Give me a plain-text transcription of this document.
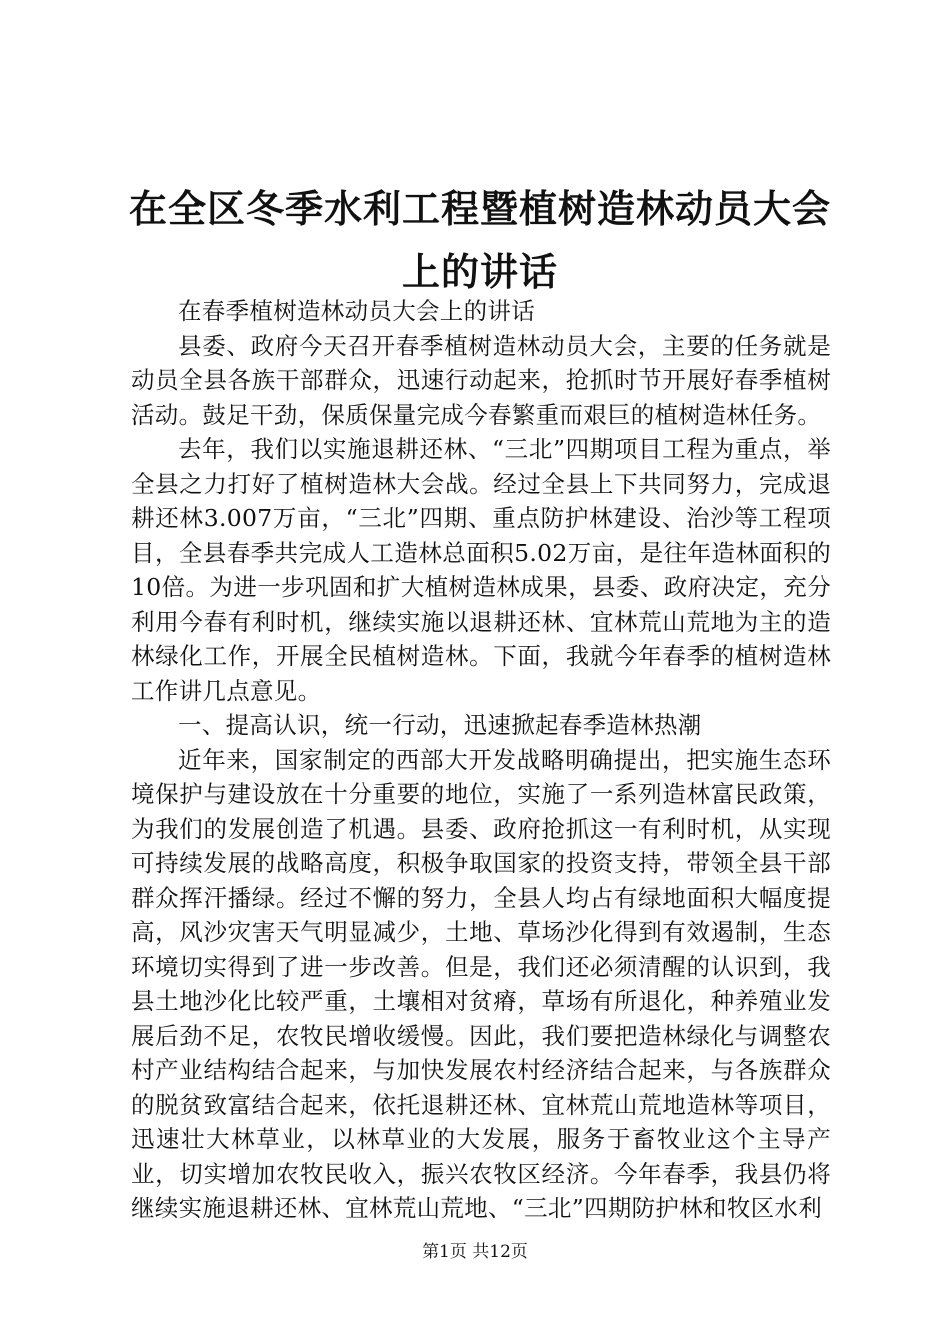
在全区冬季水利工程暨植树造林动员大会上的讲话

在春季植树造林动员大会上的讲话

县委、政府今天召开春季植树造林动员大会，主要的任务就是动员全县各族干部群众，迅速行动起来，抢抓时节开展好春季植树活动。鼓足干劲，保质保量完成今春繁重而艰巨的植树造林任务。

去年，我们以实施退耕还林、“三北”四期项目工程为重点，举全县之力打好了植树造林大会战。经过全县上下共同努力，完成退耕还林3.007万亩，“三北”四期、重点防护林建设、治沙等工程项目，全县春季共完成人工造林总面积5.02万亩，是往年造林面积的10倍。为进一步巩固和扩大植树造林成果，县委、政府决定，充分利用今春有利时机，继续实施以退耕还林、宜林荒山荒地为主的造林绿化工作，开展全民植树造林。下面，我就今年春季的植树造林工作讲几点意见。

一、提高认识，统一行动，迅速掀起春季造林热潮

近年来，国家制定的西部大开发战略明确提出，把实施生态环境保护与建设放在十分重要的地位，实施了一系列造林富民政策，为我们的发展创造了机遇。县委、政府抢抓这一有利时机，从实现可持续发展的战略高度，积极争取国家的投资支持，带领全县干部群众挥汗播绿。经过不懈的努力，全县人均占有绿地面积大幅度提高，风沙灾害天气明显减少，土地、草场沙化得到有效遏制，生态环境切实得到了进一步改善。但是，我们还必须清醒的认识到，我县土地沙化比较严重，土壤相对贫瘠，草场有所退化，种养殖业发展后劲不足，农牧民增收缓慢。因此，我们要把造林绿化与调整农村产业结构结合起来，与加快发展农村经济结合起来，与各族群众的脱贫致富结合起来，依托退耕还林、宜林荒山荒地造林等项目，迅速壮大林草业，以林草业的大发展，服务于畜牧业这个主导产业，切实增加农牧民收入，振兴农牧区经济。今年春季，我县仍将继续实施退耕还林、宜林荒山荒地、“三北”四期防护林和牧区水利

第1页 共12页
